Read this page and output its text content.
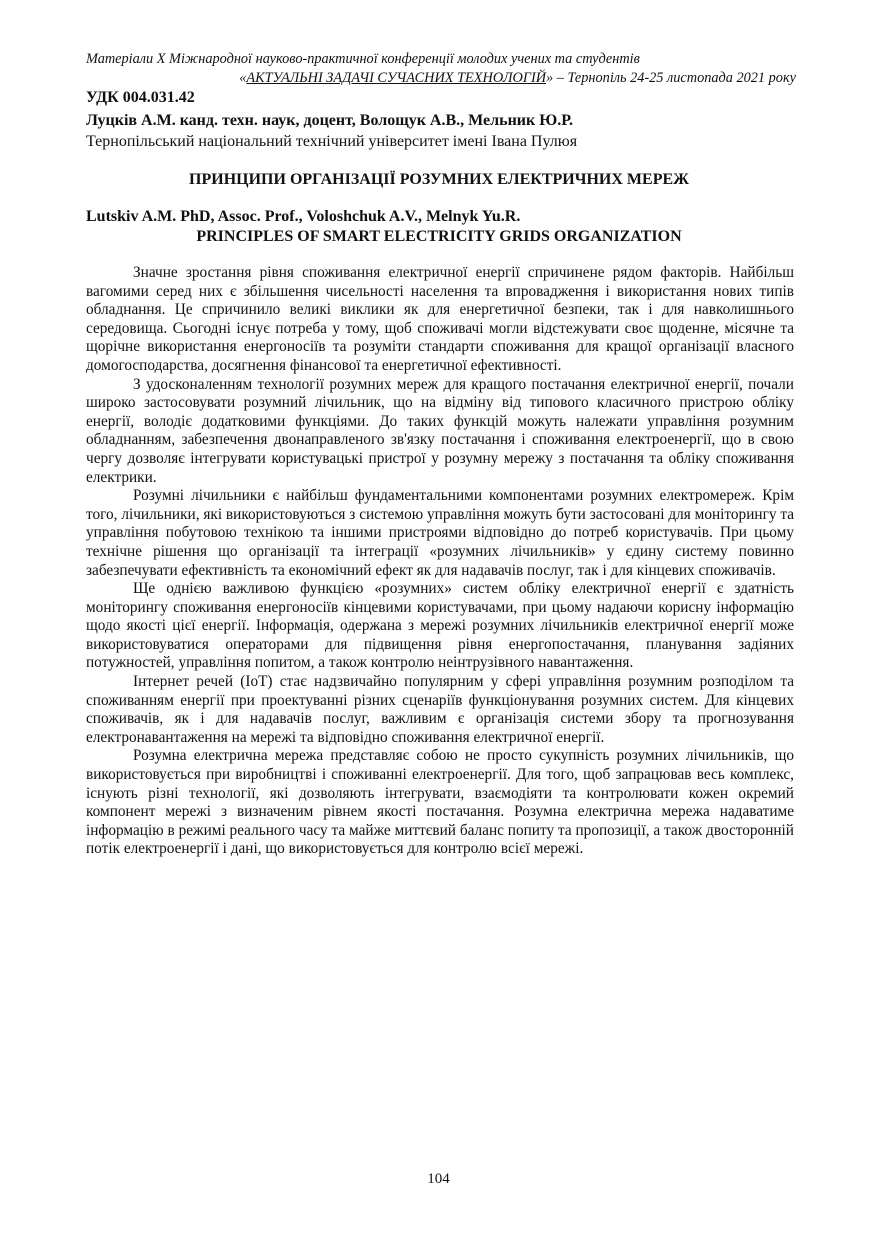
Матеріали Х Міжнародної науково-практичної конференції молодих учених та студентів
«АКТУАЛЬНІ ЗАДАЧІ СУЧАСНИХ ТЕХНОЛОГІЙ» – Тернопіль 24-25 листопада 2021 року
УДК 004.031.42
Луцків А.М. канд. техн. наук, доцент, Волощук А.В., Мельник Ю.Р.
Тернопільський національний технічний університет імені Івана Пулюя
ПРИНЦИПИ ОРГАНІЗАЦІЇ РОЗУМНИХ ЕЛЕКТРИЧНИХ МЕРЕЖ
Lutskiv A.M. PhD, Assoc. Prof., Voloshchuk A.V., Melnyk Yu.R.
PRINCIPLES OF SMART ELECTRICITY GRIDS ORGANIZATION

Значне зростання рівня споживання електричної енергії спричинене рядом факторів. Найбільш вагомими серед них є збільшення чисельності населення та впровадження і використання нових типів обладнання. Це спричинило великі виклики як для енергетичної безпеки, так і для навколишнього середовища. Сьогодні існує потреба у тому, щоб споживачі могли відстежувати своє щоденне, місячне та щорічне використання енергоносіїв та розуміти стандарти споживання для кращої організації власного домогосподарства, досягнення фінансової та енергетичної ефективності.

З удосконаленням технології розумних мереж для кращого постачання електричної енергії, почали широко застосовувати розумний лічильник, що на відміну від типового класичного пристрою обліку енергії, володіє додатковими функціями. До таких функцій можуть належати управління розумним обладнанням, забезпечення двонаправленого зв'язку постачання і споживання електроенергії, що в свою чергу дозволяє інтегрувати користувацькі пристрої у розумну мережу з постачання та обліку споживання електрики.

Розумні лічильники є найбільш фундаментальними компонентами розумних електромереж. Крім того, лічильники, які використовуються з системою управління можуть бути застосовані для моніторингу та управління побутовою технікою та іншими пристроями відповідно до потреб користувачів. При цьому технічне рішення що організації та інтеграції «розумних лічильників» у єдину систему повинно забезпечувати ефективність та економічний ефект як для надавачів послуг, так і для кінцевих споживачів.

Ще однією важливою функцією «розумних» систем обліку електричної енергії є здатність моніторингу споживання енергоносіїв кінцевими користувачами, при цьому надаючи корисну інформацію щодо якості цієї енергії. Інформація, одержана з мережі розумних лічильників електричної енергії може використовуватися операторами для підвищення рівня енергопостачання, планування задіяних потужностей, управління попитом, а також контролю неінтрузівного навантаження.

Інтернет речей (IoT) стає надзвичайно популярним у сфері управління розумним розподілом та споживанням енергії при проектуванні різних сценаріїв функціонування розумних систем. Для кінцевих споживачів, як і для надавачів послуг, важливим є організація системи збору та прогнозування електронавантаження на мережі та відповідно споживання електричної енергії.

Розумна електрична мережа представляє собою не просто сукупність розумних лічильників, що використовується при виробництві і споживанні електроенергії. Для того, щоб запрацював весь комплекс, існують різні технології, які дозволяють інтегрувати, взаємодіяти та контролювати кожен окремий компонент мережі з визначеним рівнем якості постачання. Розумна електрична мережа надаватиме інформацію в режимі реального часу та майже миттєвий баланс попиту та пропозиції, а також двосторонній потік електроенергії і дані, що використовується для контролю всієї мережі.

104
